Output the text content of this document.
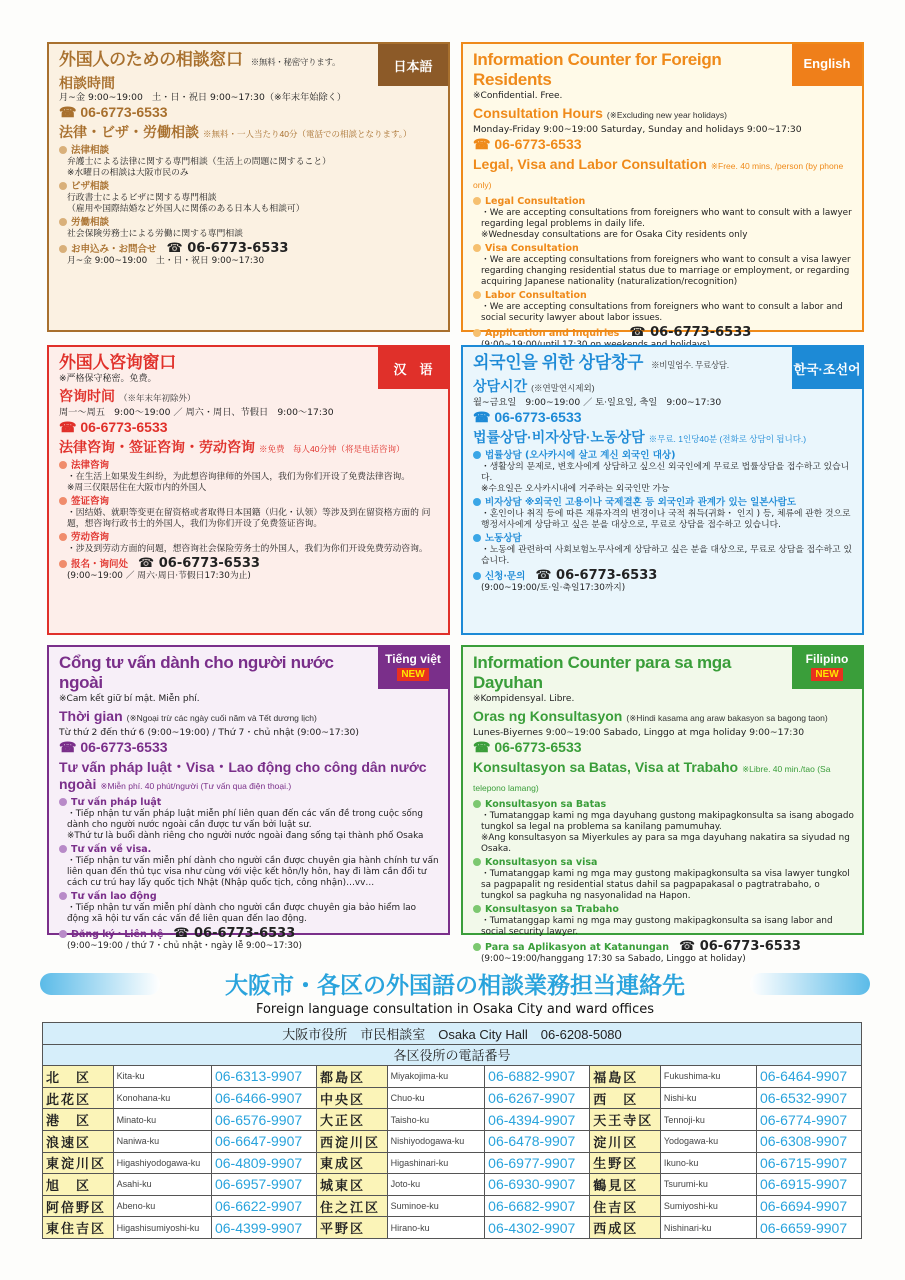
日本語
外国人のための相談窓口 ※無料・秘密守ります。
相談時間
月~金 9:00~19:00　土・日・祝日 9:00~17:30（※年末年始除く）
☎ 06-6773-6533
法律・ビザ・労働相談 ※無料・一人当たり40分（電話での相談となります。）
法律相談
弁護士による法律に関する専門相談（生活上の問題に関すること）
※水曜日の相談は大阪市民のみ
ビザ相談
行政書士によるビザに関する専門相談
（雇用や国際結婚など外国人に関係のある日本人も相談可）
労働相談
社会保険労務士による労働に関する専門相談
お申込み・お問合せ ☎ 06-6773-6533
月~金 9:00~19:00　土・日・祝日 9:00~17:30
English
Information Counter for Foreign Residents
※Confidential. Free.
Consultation Hours (※Excluding new year holidays)
Monday-Friday 9:00~19:00 Saturday, Sunday and holidays 9:00~17:30
☎ 06-6773-6533
Legal, Visa and Labor Consultation ※Free. 40 mins, /person (by phone only)
Legal Consultation
・We are accepting consultations from foreigners who want to consult with a lawyer regarding legal problems in daily life.
※Wednesday consultations are for Osaka City residents only
Visa Consultation
・We are accepting consultations from foreigners who want to consult a visa lawyer regarding changing residential status due to marriage or employment, or regarding acquiring Japanese nationality (naturalization/recognition)
Labor Consultation
・We are accepting consultations from foreigners who want to consult a labor and social security lawyer about labor issues.
Application and Inquiries ☎ 06-6773-6533
汉　语
外国人咨询窗口
※严格保守秘密。免费。
咨询时间 （※年末年初除外）
周一～周五　9:00～19:00 ／ 周六・周日、节假日　9:00～17:30
☎ 06-6773-6533
法律咨询・签证咨询・劳动咨询 ※免费　每人40分钟（将是电话咨询）
法律咨询
・在生活上如果发生纠纷，为此想咨询律师的外国人，我们为你们开设了免费法律咨询。
※周三仅限居住在大阪市内的外国人
签证咨询
・因结婚、就职等变更在留资格或者取得日本国籍（归化・认领）等涉及到在留资格方面的 问题，想咨询行政书士的外国人，我们为你们开设了免费签证咨询。
劳动咨询
・涉及到劳动方面的问题，想咨询社会保险劳务士的外国人，我们为你们开设免费劳动咨询。
报名・询问处 ☎ 06-6773-6533
(9:00~19:00 ／ 周六·周日·节假日17:30为止)
한국·조선어
외국인을 위한 상담창구 ※비밀엄수. 무료상담.
상담시간 (※연말연시제외)
월~금요일　9:00~19:00 ／ 토·일요일, 축일　9:00~17:30
☎ 06-6773-6533
법률상담·비자상담·노동상담 ※무료. 1인당40분 (전화로 상담이 됩니다.)
법률상담 (오사카시에 살고 계신 외국인 대상)
・생활상의 문제로, 변호사에게 상담하고 싶으신 외국인에게 무료로 법률상담을 접수하고 있습니다.
※수요일은 오사카시내에 거주하는 외국인만 가능
비자상담 ※외국인 고용이나 국제결혼 등 외국인과 관계가 있는 일본사람도
・혼인이나 취직 등에 따른 재류자격의 변경이나 국적 취득(귀화・ 인지 ) 등, 체류에 관한 것으로 행정서사에게 상담하고 싶은 분을 대상으로, 무료로 상담을 접수하고 있습니다.
노동상담
・노동에 관련하여 사회보험노무사에게 상담하고 싶은 분을 대상으로, 무료로 상담을 접수하고 있습니다.
신청·문의 ☎ 06-6773-6533
(9:00~19:00/토·일·축일17:30까지)
Tiếng việt
NEW
Cổng tư vấn dành cho người nước ngoài
※Cam kết giữ bí mật. Miễn phí.
Thời gian (※Ngoại trừ các ngày cuối năm và Tết dương lịch)
Từ thứ 2 đến thứ 6 (9:00~19:00) / Thứ 7・chủ nhật (9:00~17:30)
☎ 06-6773-6533
Tư vấn pháp luật・Visa・Lao động cho công dân nước ngoài ※Miễn phí. 40 phút/người (Tư vấn qua điện thoại.)
Tư vấn pháp luật
・Tiếp nhận tư vấn pháp luật miễn phí liên quan đến các vấn đề trong cuộc sống dành cho người nước ngoài cần được tư vấn bởi luật sư.
※Thứ tư là buổi dành riêng cho người nước ngoài đang sống tại thành phố Osaka
Tư vấn về visa.
・Tiếp nhận tư vấn miễn phí dành cho người cần được chuyên gia hành chính tư vấn liên quan đến thủ tục visa như cùng với việc kết hôn/ly hôn, hay đi làm cần đổi tư cách cư trú hay lấy quốc tịch Nhật (Nhập quốc tịch, công nhận)…vv…
Tư vấn lao động
・Tiếp nhận tư vấn miễn phí dành cho người cần được chuyên gia bảo hiểm lao động xã hội tư vấn các vấn đề liên quan đến lao động.
Đăng ký・Liên hệ ☎ 06-6773-6533
(9:00~19:00 / thứ 7・chủ nhật・ngày lễ 9:00~17:30)
Filipino
NEW
Information Counter para sa mga Dayuhan
※Kompidensyal. Libre.
Oras ng Konsultasyon (※Hindi kasama ang araw bakasyon sa bagong taon)
Lunes-Biyernes 9:00~19:00 Sabado, Linggo at mga holiday 9:00~17:30
☎ 06-6773-6533
Konsultasyon sa Batas, Visa at Trabaho ※Libre. 40 min./tao (Sa telepono lamang)
Konsultasyon sa Batas
・Tumatanggap kami ng mga dayuhang gustong makipagkonsulta sa isang abogado tungkol sa legal na problema sa kanilang pamumuhay.
※Ang konsultasyon sa Miyerkules ay para sa mga dayuhang nakatira sa siyudad ng Osaka.
Konsultasyon sa visa
・Tumatanggap kami ng mga may gustong makipagkonsulta sa visa lawyer tungkol sa pagpapalit ng residential status dahil sa pagpapakasal o pagtratrabaho, o tungkol sa pagkuha ng nasyonalidad na Hapon.
Konsultasyon sa Trabaho
・Tumatanggap kami ng mga may gustong makipagkonsulta sa isang labor and social security lawyer.
Para sa Aplikasyon at Katanungan ☎ 06-6773-6533
(9:00~19:00/hanggang 17:30 sa Sabado, Linggo at holiday)
大阪市・各区の外国語の相談業務担当連絡先
Foreign language consultation in Osaka City and ward offices
大阪市役所　市民相談室　Osaka City Hall　06-6208-5080								
各区役所の電話番号								
北　区	Kita-ku	06-6313-9907	都島区	Miyakojima-ku	06-6882-9907	福島区	Fukushima-ku	06-6464-9907
此花区	Konohana-ku	06-6466-9907	中央区	Chuo-ku	06-6267-9907	西　区	Nishi-ku	06-6532-9907
港　区	Minato-ku	06-6576-9907	大正区	Taisho-ku	06-4394-9907	天王寺区	Tennoji-ku	06-6774-9907
浪速区	Naniwa-ku	06-6647-9907	西淀川区	Nishiyodogawa-ku	06-6478-9907	淀川区	Yodogawa-ku	06-6308-9907
東淀川区	Higashiyodogawa-ku	06-4809-9907	東成区	Higashinari-ku	06-6977-9907	生野区	Ikuno-ku	06-6715-9907
旭　区	Asahi-ku	06-6957-9907	城東区	Joto-ku	06-6930-9907	鶴見区	Tsurumi-ku	06-6915-9907
阿倍野区	Abeno-ku	06-6622-9907	住之江区	Suminoe-ku	06-6682-9907	住吉区	Sumiyoshi-ku	06-6694-9907
東住吉区	Higashisumiyoshi-ku	06-4399-9907	平野区	Hirano-ku	06-4302-9907	西成区	Nishinari-ku	06-6659-9907
